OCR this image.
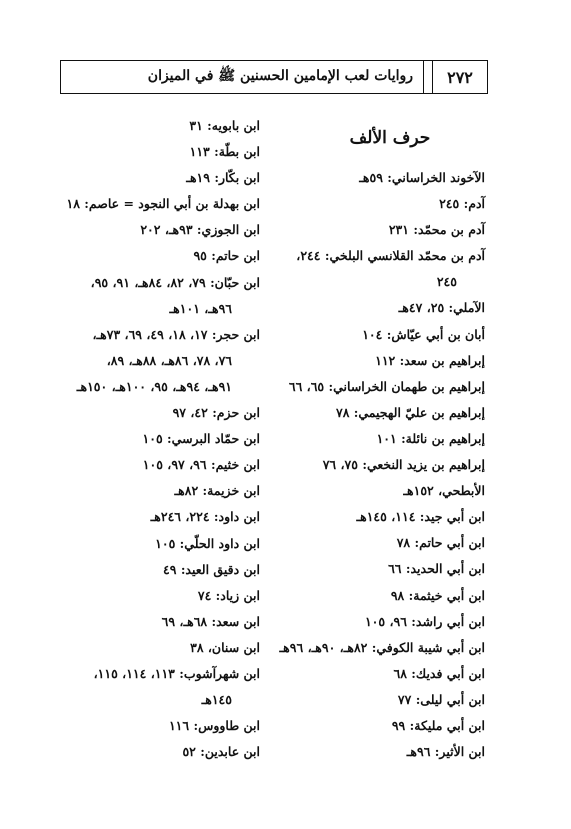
٢٧٢
روايات لعب الإمامين الحسنين ﷺ في الميزان
حرف الألف
الآخوند الخراساني: ٥٩هـ
آدم: ٢٤٥
آدم بن محمّد: ٢٣١
آدم بن محمّد القلانسي البلخي: ٢٤٤،
٢٤٥
الآملي: ٢٥، ٤٧هـ
أبان بن أبي عيّاش: ١٠٤
إبراهيم بن سعد: ١١٢
إبراهيم بن طهمان الخراساني: ٦٥، ٦٦
إبراهيم بن عليّ الهجيمي: ٧٨
إبراهيم بن نائلة: ١٠١
إبراهيم بن يزيد النخعي: ٧٥، ٧٦
الأبطحي، ١٥٢هـ
ابن أبي جيد: ١١٤، ١٤٥هـ
ابن أبي حاتم: ٧٨
ابن أبي الحديد: ٦٦
ابن أبي خيثمة: ٩٨
ابن أبي راشد: ٩٦، ١٠٥
ابن أبي شيبة الكوفي: ٨٢هـ، ٩٠هـ، ٩٦هـ
ابن أبي فديك: ٦٨
ابن أبي ليلى: ٧٧
ابن أبي مليكة: ٩٩
ابن الأثير: ٩٦هـ
ابن بابويه: ٣١
ابن بطّة: ١١٣
ابن بكّار: ١٩هـ
ابن بهدلة بن أبي النجود = عاصم: ١٨
ابن الجوزي: ٩٣هـ، ٢٠٢
ابن حاتم: ٩٥
ابن حبّان: ٧٩، ٨٢، ٨٤هـ، ٩١، ٩٥،
٩٦هـ، ١٠١هـ
ابن حجر: ١٧، ١٨، ٤٩، ٦٩، ٧٣هـ،
٧٦، ٧٨، ٨٦هـ، ٨٨هـ، ٨٩،
٩١هـ، ٩٤هـ، ٩٥، ١٠٠هـ، ١٥٠هـ
ابن حزم: ٤٢، ٩٧
ابن حمّاد البرسي: ١٠٥
ابن خثيم: ٩٦، ٩٧، ١٠٥
ابن خزيمة: ٨٢هـ
ابن داود: ٢٢٤، ٢٤٦هـ
ابن داود الحلّي: ١٠٥
ابن دقيق العيد: ٤٩
ابن زياد: ٧٤
ابن سعد: ٦٨هـ، ٦٩
ابن سنان، ٣٨
ابن شهرآشوب: ١١٣، ١١٤، ١١٥،
١٤٥هـ
ابن طاووس: ١١٦
ابن عابدين: ٥٢
